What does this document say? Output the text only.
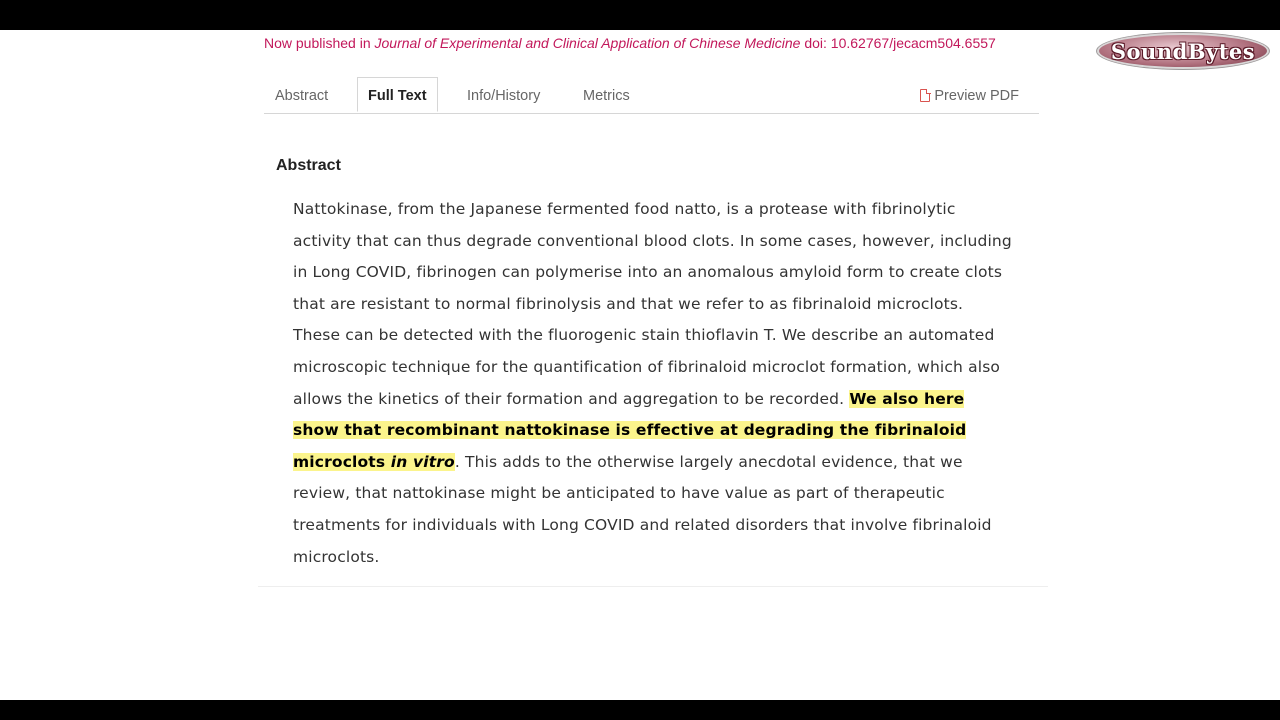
Now published in Journal of Experimental and Clinical Application of Chinese Medicine doi: 10.62767/jecacm504.6557	SoundBytes
Abstract	Full Text	Info/History	Metrics	Preview PDF
Abstract

Nattokinase, from the Japanese fermented food natto, is a protease with fibrinolytic activity that can thus degrade conventional blood clots. In some cases, however, including in Long COVID, fibrinogen can polymerise into an anomalous amyloid form to create clots that are resistant to normal fibrinolysis and that we refer to as fibrinaloid microclots. These can be detected with the fluorogenic stain thioflavin T. We describe an automated microscopic technique for the quantification of fibrinaloid microclot formation, which also allows the kinetics of their formation and aggregation to be recorded. We also here show that recombinant nattokinase is effective at degrading the fibrinaloid microclots in vitro. This adds to the otherwise largely anecdotal evidence, that we review, that nattokinase might be anticipated to have value as part of therapeutic treatments for individuals with Long COVID and related disorders that involve fibrinaloid microclots.
